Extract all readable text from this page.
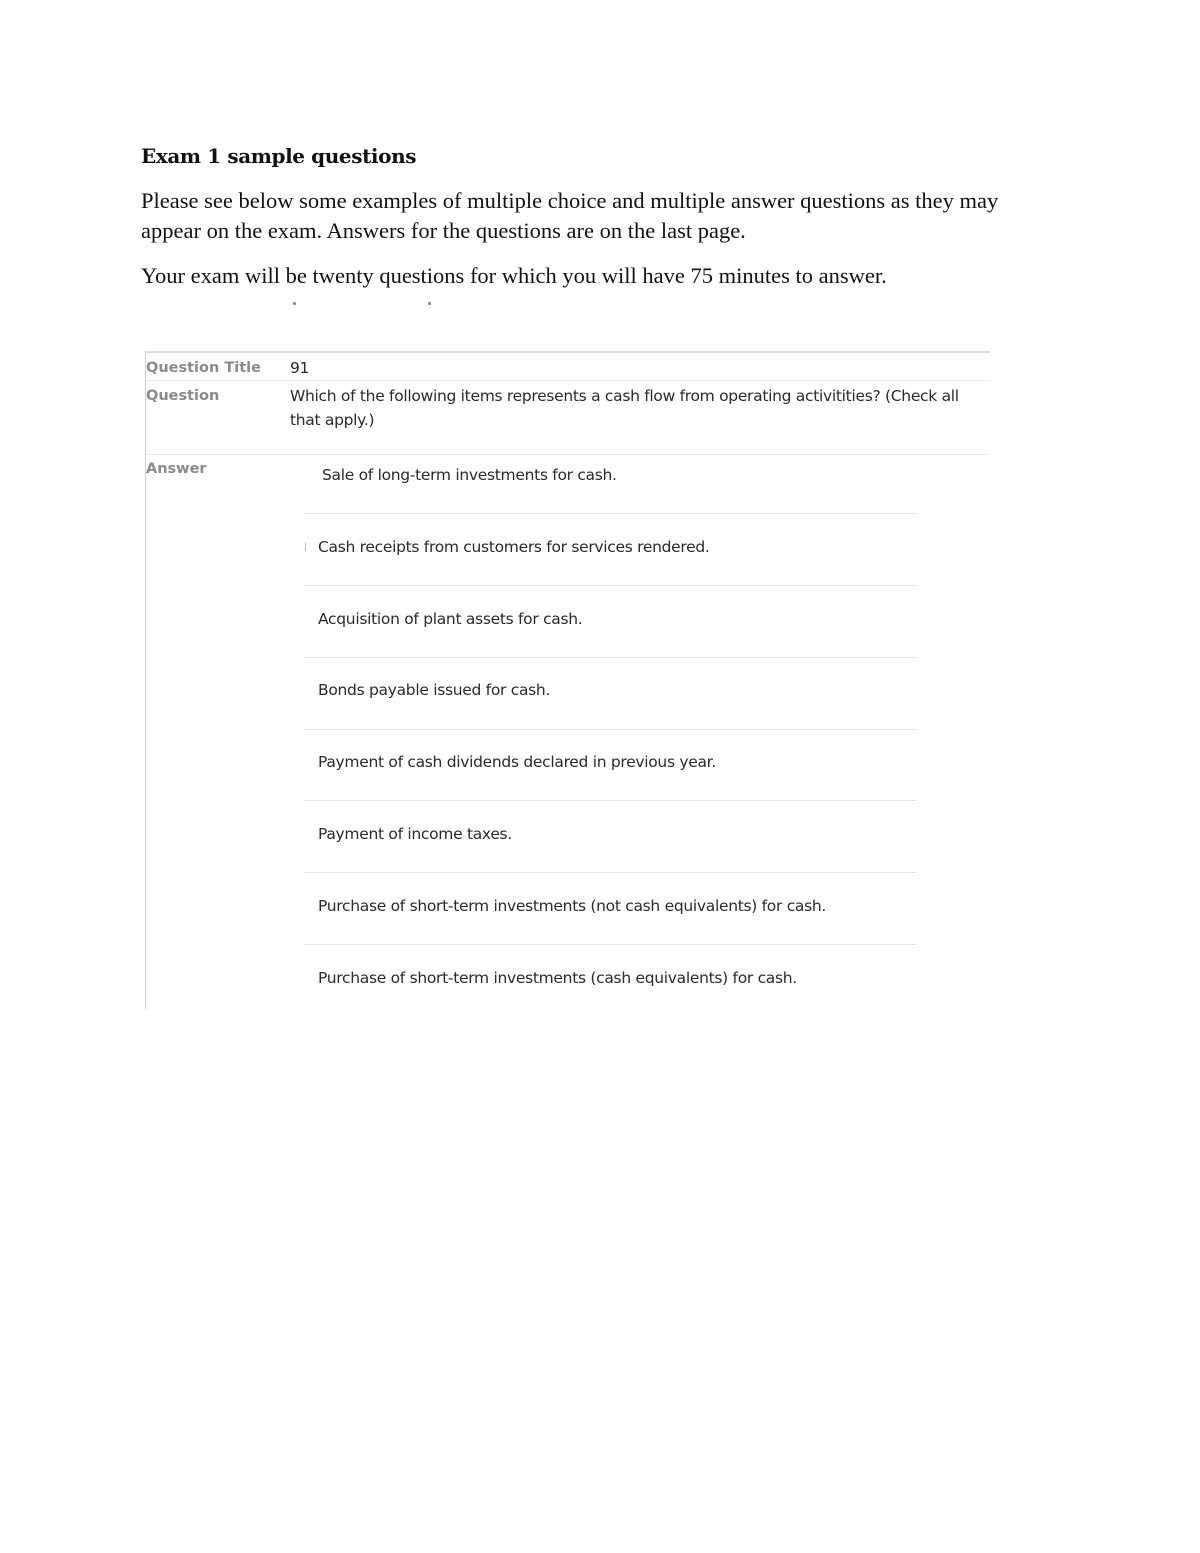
Exam 1 sample questions

Please see below some examples of multiple choice and multiple answer questions as they may appear on the exam. Answers for the questions are on the last page.

Your exam will be twenty questions for which you will have 75 minutes to answer.

Question Title 91
Question	Which of the following items represents a cash flow from operating activitities? (Check all that apply.)
Answer	Sale of long-term investments for cash.
Cash receipts from customers for services rendered.
Acquisition of plant assets for cash.
Bonds payable issued for cash.
Payment of cash dividends declared in previous year.
Payment of income taxes.
Purchase of short-term investments (not cash equivalents) for cash.
Purchase of short-term investments (cash equivalents) for cash.
